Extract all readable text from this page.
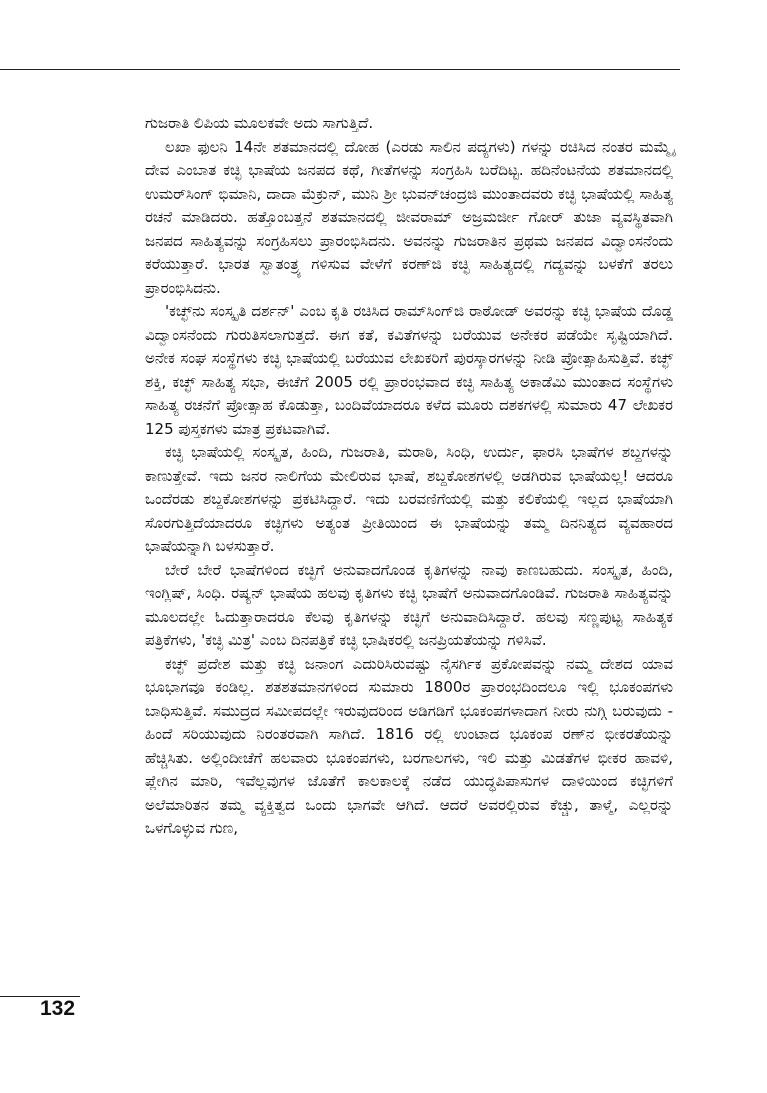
ಗುಜರಾತಿ ಲಿಪಿಯ ಮೂಲಕವೇ ಅದು ಸಾಗುತ್ತಿದೆ.

ಲಖಾ ಫುಲನಿ 14ನೇ ಶತಮಾನದಲ್ಲಿ ದೋಹ (ಎರಡು ಸಾಲಿನ ಪದ್ಯಗಳು) ಗಳನ್ನು ರಚಿಸಿದ ನಂತರ ಮಮ್ಮೈ ದೇವ ಎಂಬಾತ ಕಚ್ಛಿ ಭಾಷೆಯ ಜನಪದ ಕಥೆ, ಗೀತೆಗಳನ್ನು ಸಂಗ್ರಹಿಸಿ ಬರೆದಿಟ್ಟ. ಹದಿನೆಂಟನೆಯ ಶತಮಾನದಲ್ಲಿ ಉಮರ್‌ಸಿಂಗ್ ಭಿಮಾನಿ, ದಾದಾ ಮೆಕ್ರುನ್, ಮುನಿ ಶ್ರೀ ಭುವನ್‌ಚಂದ್ರಜಿ ಮುಂತಾದವರು ಕಚ್ಛಿ ಭಾಷೆಯಲ್ಲಿ ಸಾಹಿತ್ಯ ರಚನೆ ಮಾಡಿದರು. ಹತ್ತೊಂಬತ್ತನೆ ಶತಮಾನದಲ್ಲಿ ಜೀವರಾಮ್ ಅಜ್ರಮರ್ಜೀ ಗೋರ್ ತುಜಾ ವ್ಯವಸ್ಥಿತವಾಗಿ ಜನಪದ ಸಾಹಿತ್ಯವನ್ನು ಸಂಗ್ರಹಿಸಲು ಪ್ರಾರಂಭಿಸಿದನು. ಅವನನ್ನು ಗುಜರಾತಿನ ಪ್ರಥಮ ಜನಪದ ವಿದ್ವಾಂಸನೆಂದು ಕರೆಯುತ್ತಾರೆ. ಭಾರತ ಸ್ವಾತಂತ್ರ್ಯ ಗಳಿಸುವ ವೇಳೆಗೆ ಕರಣ್‌ಜಿ ಕಚ್ಛಿ ಸಾಹಿತ್ಯದಲ್ಲಿ ಗದ್ಯವನ್ನು ಬಳಕೆಗೆ ತರಲು ಪ್ರಾರಂಭಿಸಿದನು.

'ಕಚ್ಛ್‌ನು ಸಂಸ್ಕೃತಿ ದರ್ಶನ್' ಎಂಬ ಕೃತಿ ರಚಿಸಿದ ರಾಮ್‌ಸಿಂಗ್‌ಜಿ ರಾಠೋಡ್ ಅವರನ್ನು ಕಚ್ಛಿ ಭಾಷೆಯ ದೊಡ್ಡ ವಿದ್ವಾಂಸನೆಂದು ಗುರುತಿಸಲಾಗುತ್ತದೆ. ಈಗ ಕತೆ, ಕವಿತೆಗಳನ್ನು ಬರೆಯುವ ಅನೇಕರ ಪಡೆಯೇ ಸೃಷ್ಟಿಯಾಗಿದೆ. ಅನೇಕ ಸಂಘ ಸಂಸ್ಥೆಗಳು ಕಚ್ಛಿ ಭಾಷೆಯಲ್ಲಿ ಬರೆಯುವ ಲೇಖಕರಿಗೆ ಪುರಸ್ಕಾರಗಳನ್ನು ನೀಡಿ ಪ್ರೋತ್ಸಾಹಿಸುತ್ತಿವೆ. ಕಚ್ಛ್ ಶಕ್ತಿ, ಕಚ್ಛ್ ಸಾಹಿತ್ಯ ಸಭಾ, ಈಚೆಗೆ 2005 ರಲ್ಲಿ ಪ್ರಾರಂಭವಾದ ಕಚ್ಛಿ ಸಾಹಿತ್ಯ ಅಕಾಡೆಮಿ ಮುಂತಾದ ಸಂಸ್ಥೆಗಳು ಸಾಹಿತ್ಯ ರಚನೆಗೆ ಪ್ರೋತ್ಸಾಹ ಕೊಡುತ್ತಾ, ಬಂದಿವೆಯಾದರೂ ಕಳೆದ ಮೂರು ದಶಕಗಳಲ್ಲಿ ಸುಮಾರು 47 ಲೇಖಕರ 125 ಪುಸ್ತಕಗಳು ಮಾತ್ರ ಪ್ರಕಟವಾಗಿವೆ.

ಕಚ್ಛಿ ಭಾಷೆಯಲ್ಲಿ ಸಂಸ್ಕೃತ, ಹಿಂದಿ, ಗುಜರಾತಿ, ಮರಾಠಿ, ಸಿಂಧಿ, ಉರ್ದು, ಫಾರಸಿ ಭಾಷೆಗಳ ಶಬ್ದಗಳನ್ನು ಕಾಣುತ್ತೇವೆ. ಇದು ಜನರ ನಾಲಿಗೆಯ ಮೇಲಿರುವ ಭಾಷೆ, ಶಬ್ದಕೋಶಗಳಲ್ಲಿ ಅಡಗಿರುವ ಭಾಷೆಯಲ್ಲ! ಆದರೂ ಒಂದೆರಡು ಶಬ್ದಕೋಶಗಳನ್ನು ಪ್ರಕಟಿಸಿದ್ದಾರೆ. ಇದು ಬರವಣಿಗೆಯಲ್ಲಿ ಮತ್ತು ಕಲಿಕೆಯಲ್ಲಿ ಇಲ್ಲದ ಭಾಷೆಯಾಗಿ ಸೊರಗುತ್ತಿದೆಯಾದರೂ ಕಚ್ಛಿಗಳು ಅತ್ಯಂತ ಪ್ರೀತಿಯಿಂದ ಈ ಭಾಷೆಯನ್ನು ತಮ್ಮ ದಿನನಿತ್ಯದ ವ್ಯವಹಾರದ ಭಾಷೆಯನ್ನಾಗಿ ಬಳಸುತ್ತಾರೆ.

ಬೇರೆ ಬೇರೆ ಭಾಷೆಗಳಿಂದ ಕಚ್ಛಿಗೆ ಅನುವಾದಗೊಂಡ ಕೃತಿಗಳನ್ನು ನಾವು ಕಾಣಬಹುದು. ಸಂಸ್ಕೃತ, ಹಿಂದಿ, ಇಂಗ್ಲಿಷ್, ಸಿಂಧಿ. ರಷ್ಯನ್ ಭಾಷೆಯ ಹಲವು ಕೃತಿಗಳು ಕಚ್ಛಿ ಭಾಷೆಗೆ ಅನುವಾದಗೊಂಡಿವೆ. ಗುಜರಾತಿ ಸಾಹಿತ್ಯವನ್ನು ಮೂಲದಲ್ಲೇ ಓದುತ್ತಾರಾದರೂ ಕೆಲವು ಕೃತಿಗಳನ್ನು ಕಚ್ಛಿಗೆ ಅನುವಾದಿಸಿದ್ದಾರೆ. ಹಲವು ಸಣ್ಣಪುಟ್ಟ ಸಾಹಿತ್ಯಕ ಪತ್ರಿಕೆಗಳು, 'ಕಚ್ಛಿ ಮಿತ್ರ' ಎಂಬ ದಿನಪತ್ರಿಕೆ ಕಚ್ಛಿ ಭಾಷಿಕರಲ್ಲಿ ಜನಪ್ರಿಯತೆಯನ್ನು ಗಳಿಸಿವೆ.

ಕಚ್ಛ್ ಪ್ರದೇಶ ಮತ್ತು ಕಚ್ಛಿ ಜನಾಂಗ ಎದುರಿಸಿರುವಷ್ಟು ನೈಸರ್ಗಿಕ ಪ್ರಕೋಪವನ್ನು ನಮ್ಮ ದೇಶದ ಯಾವ ಭೂಭಾಗವೂ ಕಂಡಿಲ್ಲ. ಶತಶತಮಾನಗಳಿಂದ ಸುಮಾರು 1800ರ ಪ್ರಾರಂಭದಿಂದಲೂ ಇಲ್ಲಿ ಭೂಕಂಪಗಳು ಬಾಧಿಸುತ್ತಿವೆ. ಸಮುದ್ರದ ಸಮೀಪದಲ್ಲೇ ಇರುವುದರಿಂದ ಅಡಿಗಡಿಗೆ ಭೂಕಂಪಗಳಾದಾಗ ನೀರು ನುಗ್ಗಿ ಬರುವುದು - ಹಿಂದೆ ಸರಿಯುವುದು ನಿರಂತರವಾಗಿ ಸಾಗಿದೆ. 1816 ರಲ್ಲಿ ಉಂಟಾದ ಭೂಕಂಪ ರಣ್‌ನ ಭೀಕರತೆಯನ್ನು ಹೆಚ್ಚಿಸಿತು. ಅಲ್ಲಿಂದೀಚೆಗೆ ಹಲವಾರು ಭೂಕಂಪಗಳು, ಬರಗಾಲಗಳು, ಇಲಿ ಮತ್ತು ಮಿಡತೆಗಳ ಭೀಕರ ಹಾವಳಿ, ಪ್ಲೇಗಿನ ಮಾರಿ, ಇವೆಲ್ಲವುಗಳ ಜೊತೆಗೆ ಕಾಲಕಾಲಕ್ಕೆ ನಡೆದ ಯುದ್ಧಪಿಪಾಸುಗಳ ದಾಳಿಯಿಂದ ಕಚ್ಛಿಗಳಿಗೆ ಅಲೆಮಾರಿತನ ತಮ್ಮ ವ್ಯಕ್ತಿತ್ವದ ಒಂದು ಭಾಗವೇ ಆಗಿದೆ. ಆದರೆ ಅವರಲ್ಲಿರುವ ಕೆಚ್ಚು, ತಾಳ್ಮೆ, ಎಲ್ಲರನ್ನು ಒಳಗೊಳ್ಳುವ ಗುಣ,

132
